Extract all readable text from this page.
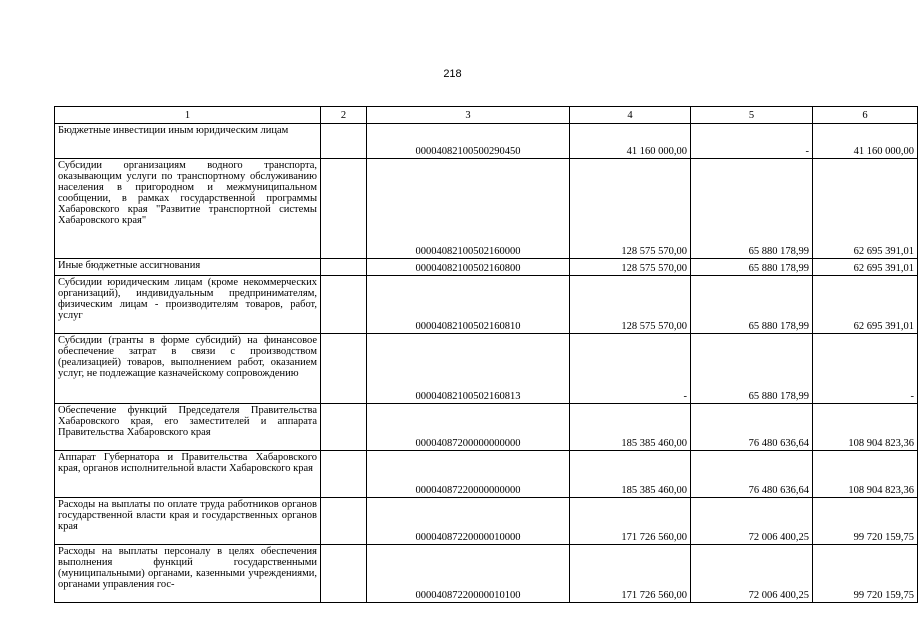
218
1	2	3	4	5	6
Бюджетные инвестиции иным юридическим лицам		00004082100500290450	41 160 000,00	-	41 160 000,00
Субсидии организациям водного транспорта, оказывающим услуги по транспортному обслуживанию населения в пригородном и межмуниципальном сообщении, в рамках государственной программы Хабаровского края "Развитие транспортной системы Хабаровского края"		00004082100502160000	128 575 570,00	65 880 178,99	62 695 391,01
Иные бюджетные ассигнования		00004082100502160800	128 575 570,00	65 880 178,99	62 695 391,01
Субсидии юридическим лицам (кроме некоммерческих организаций), индивидуальным предпринимателям, физическим лицам - производителям товаров, работ, услуг		00004082100502160810	128 575 570,00	65 880 178,99	62 695 391,01
Субсидии (гранты в форме субсидий) на финансовое обеспечение затрат в связи с производством (реализацией) товаров, выполнением работ, оказанием услуг, не подлежащие казначейскому сопровождению		00004082100502160813	-	65 880 178,99	-
Обеспечение функций Председателя Правительства Хабаровского края, его заместителей и аппарата Правительства Хабаровского края		00004087200000000000	185 385 460,00	76 480 636,64	108 904 823,36
Аппарат Губернатора и Правительства Хабаровского края, органов исполнительной власти Хабаровского края		00004087220000000000	185 385 460,00	76 480 636,64	108 904 823,36
Расходы на выплаты по оплате труда работников органов государственной власти края и государственных органов края		00004087220000010000	171 726 560,00	72 006 400,25	99 720 159,75
Расходы на выплаты персоналу в целях обеспечения выполнения функций государственными (муниципальными) органами, казенными учреждениями, органами управления гос-		00004087220000010100	171 726 560,00	72 006 400,25	99 720 159,75
